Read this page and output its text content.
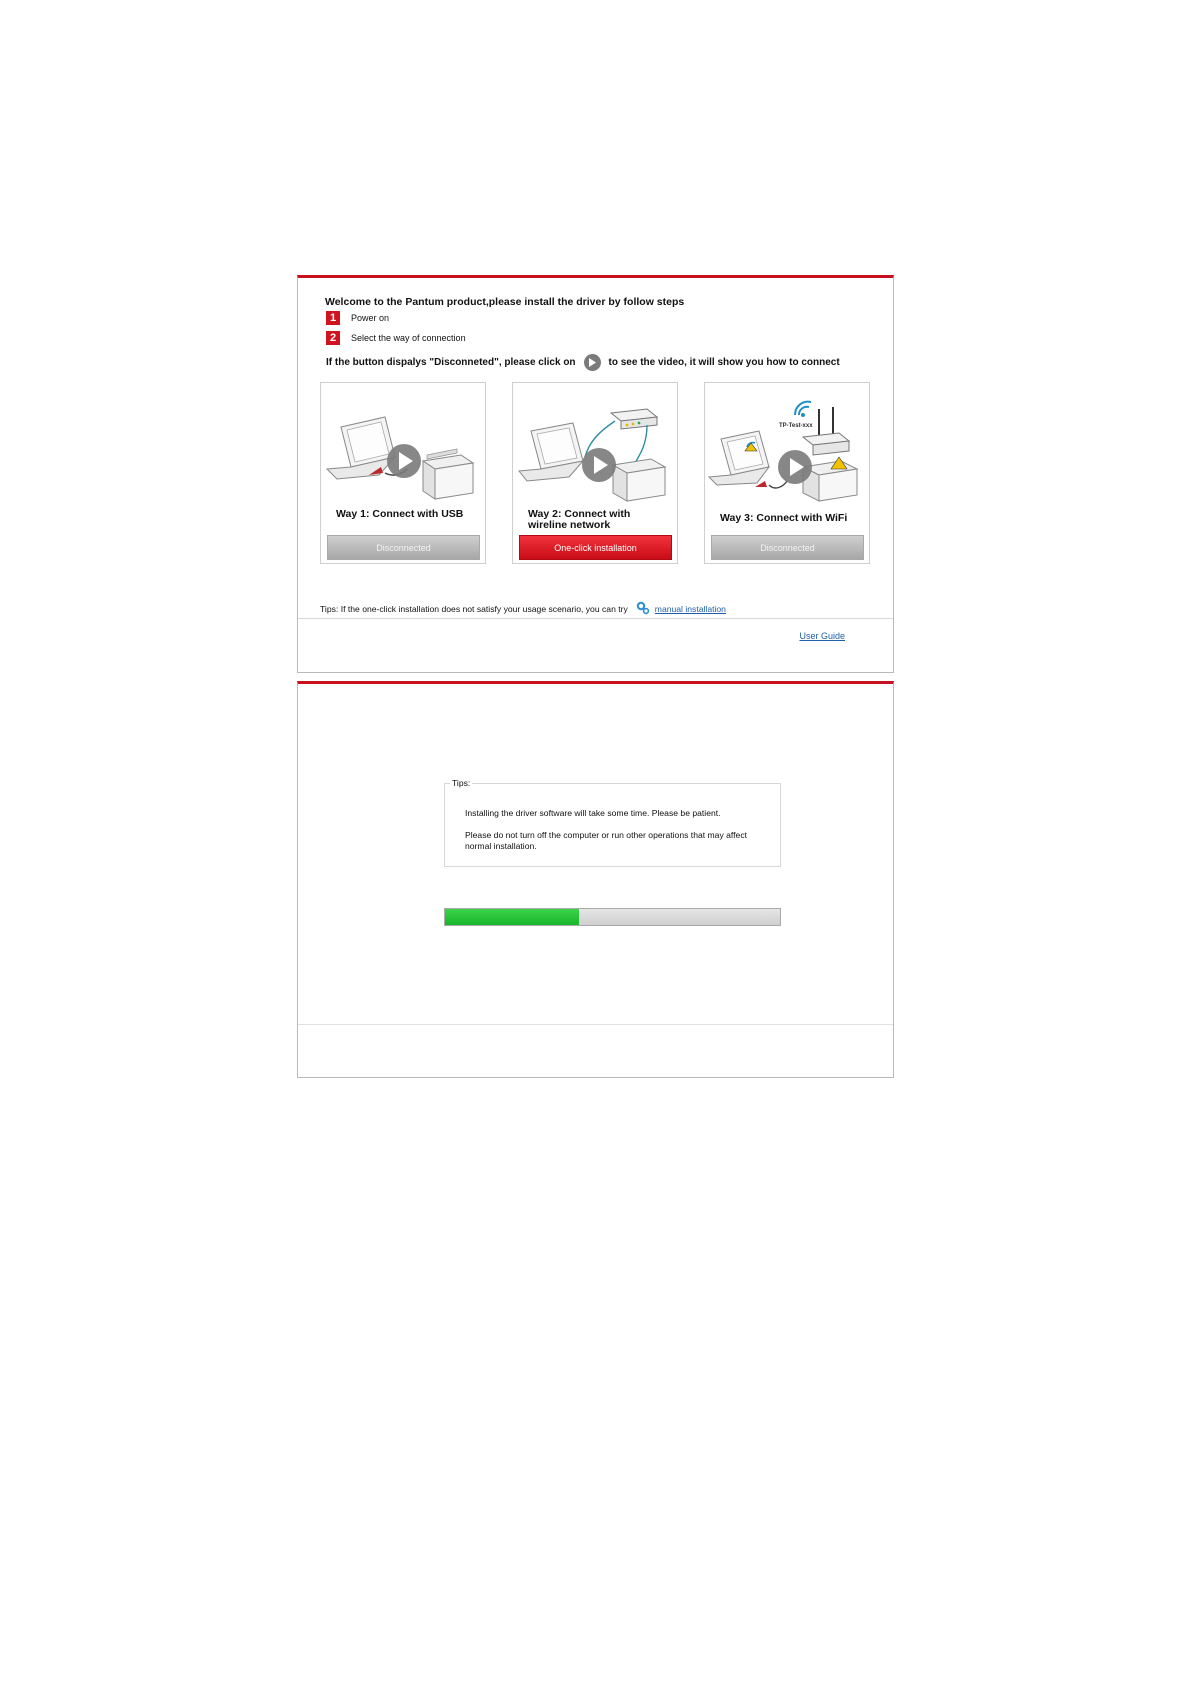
Welcome to the Pantum product,please install the driver by follow steps
1	Power on
2	Select the way of connection
If the button dispalys "Disconneted", please click on	to see the video, it will show you how to connect
Way 1: Connect with USB
Disconnected
Way 2: Connect with wireline network
One-click installation
TP-Test-xxx
Way 3: Connect with WiFi
Disconnected
Tips: If the one-click installation does not satisfy your usage scenario, you can try	manual installation
User Guide
Tips:
Installing the driver software will take some time. Please be patient.
Please do not turn off the computer or run other operations that may affect normal installation.
